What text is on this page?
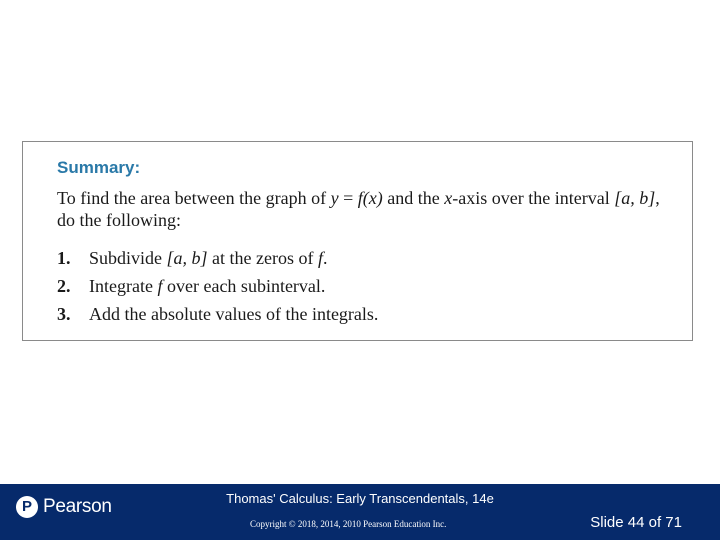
Summary:
To find the area between the graph of y = f(x) and the x-axis over the interval [a, b], do the following:
1. Subdivide [a, b] at the zeros of f.
2. Integrate f over each subinterval.
3. Add the absolute values of the integrals.
P Pearson	Thomas' Calculus: Early Transcendentals, 14e
Copyright © 2018, 2014, 2010 Pearson Education Inc.	Slide 44 of 71
